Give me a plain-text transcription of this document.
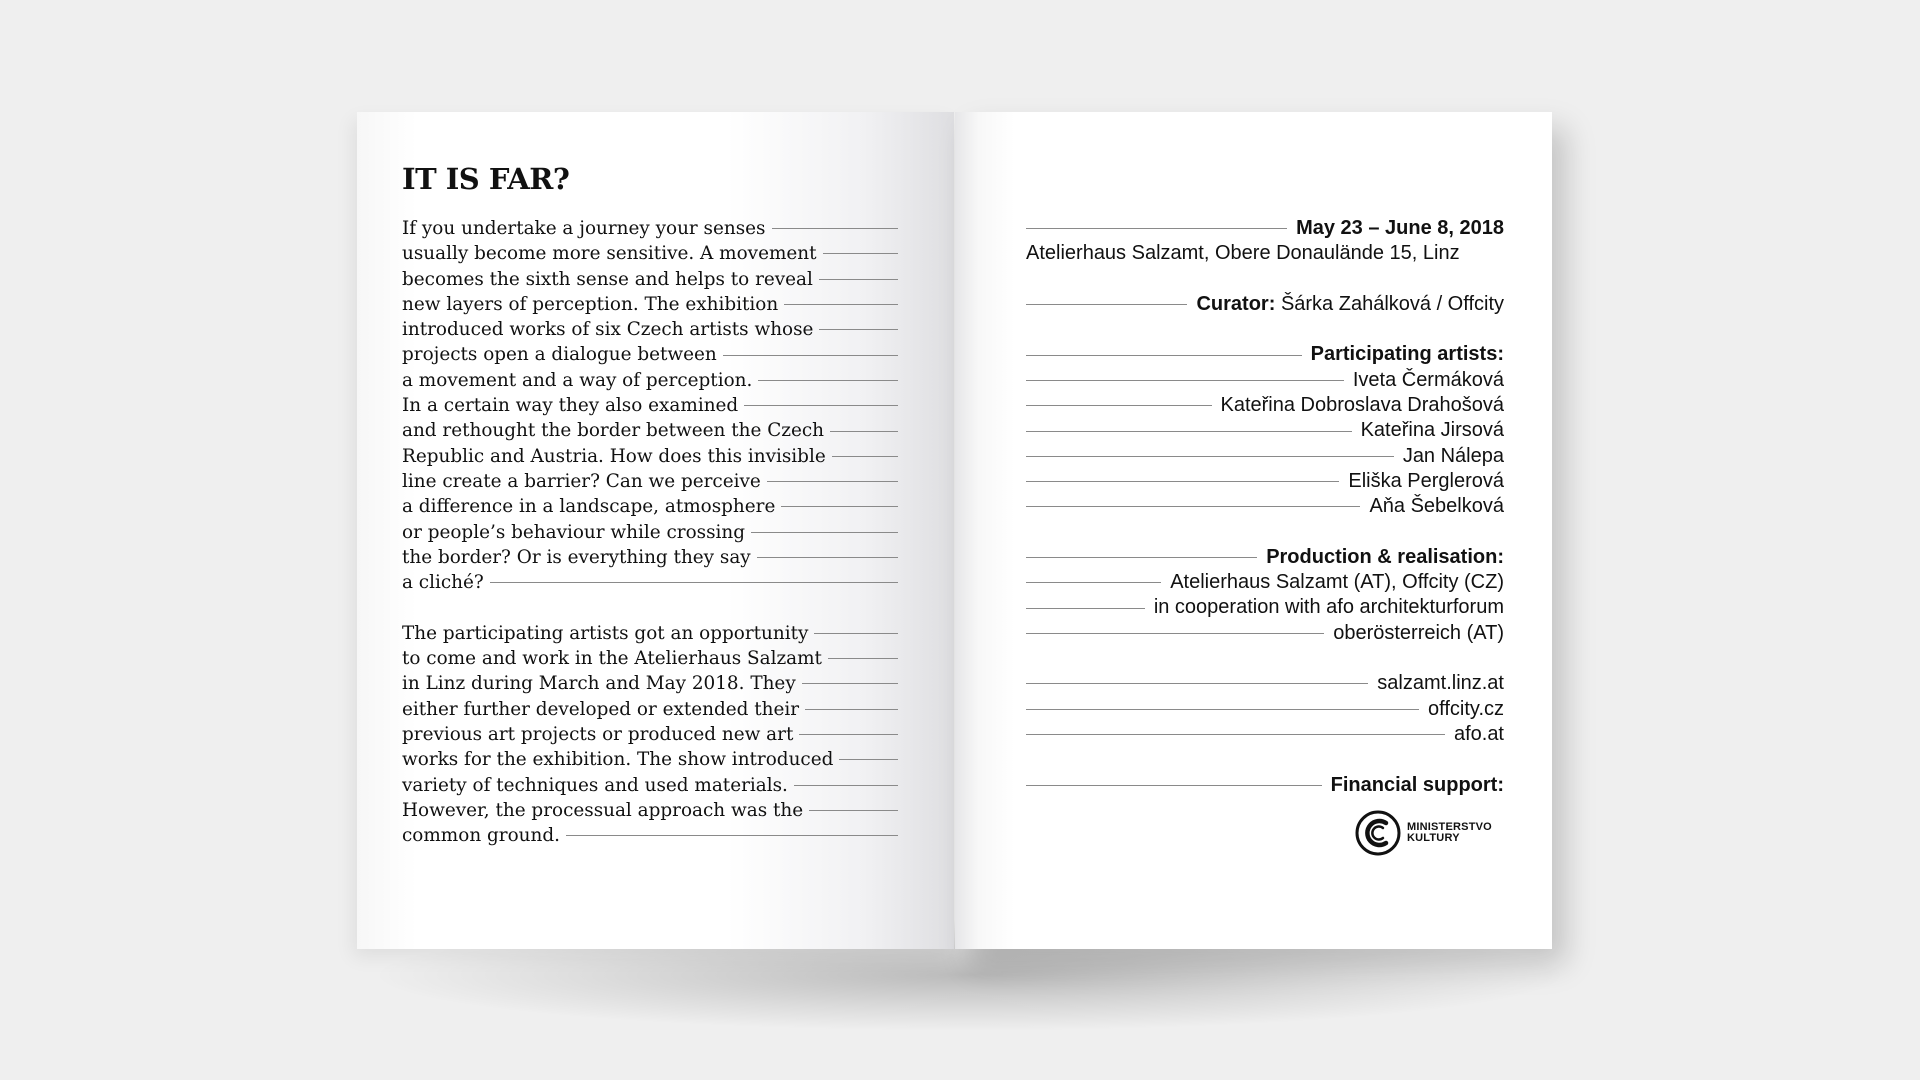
IT IS FAR?
If you undertake a journey your senses
usually become more sensitive. A movement
becomes the sixth sense and helps to reveal
new layers of perception. The exhibition
introduced works of six Czech artists whose
projects open a dialogue between
a movement and a way of perception.
In a certain way they also examined
and rethought the border between the Czech
Republic and Austria. How does this invisible
line create a barrier? Can we perceive
a difference in a landscape, atmosphere
or people’s behaviour while crossing
the border? Or is everything they say
a cliché?
The participating artists got an opportunity
to come and work in the Atelierhaus Salzamt
in Linz during March and May 2018. They
either further developed or extended their
previous art projects or produced new art
works for the exhibition. The show introduced
variety of techniques and used materials.
However, the processual approach was the
common ground.
May 23 – June 8, 2018
Atelierhaus Salzamt, Obere Donaulände 15, Linz
Curator: Šárka Zahálková / Offcity
Participating artists:
Iveta Čermáková
Kateřina Dobroslava Drahošová
Kateřina Jirsová
Jan Nálepa
Eliška Perglerová
Aňa Šebelková
Production & realisation:
Atelierhaus Salzamt (AT), Offcity (CZ)
in cooperation with afo architekturforum
oberösterreich (AT)
salzamt.linz.at
offcity.cz
afo.at
Financial support:
MINISTERSTVO
KULTURY
